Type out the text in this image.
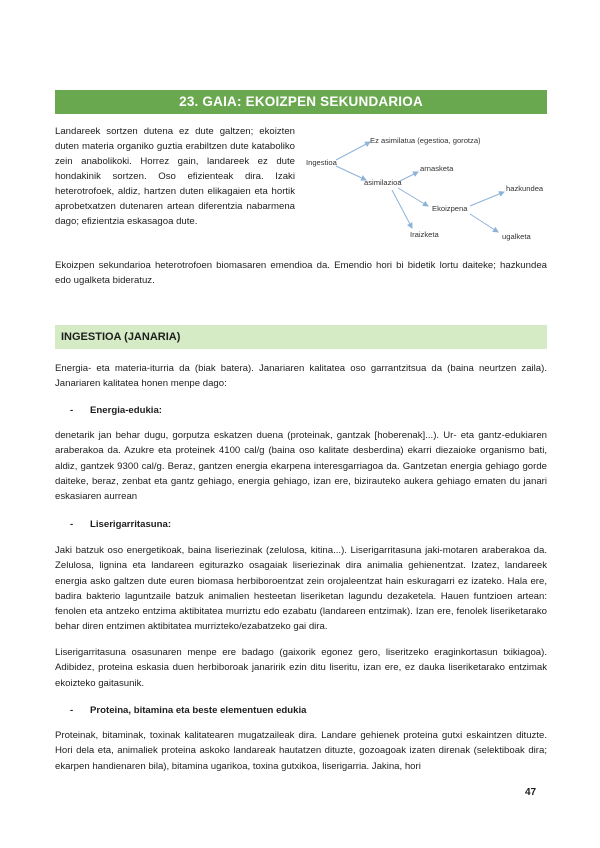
23. GAIA: EKOIZPEN SEKUNDARIOA

Landareek sortzen dutena ez dute galtzen; ekoizten duten materia organiko guztia erabiltzen dute kataboliko zein anabolikoki. Horrez gain, landareek ez dute hondakinik sortzen. Oso efizienteak dira. Izaki heterotrofoek, aldiz, hartzen duten elikagaien eta hortik aprobetxatzen dutenaren artean diferentzia nabarmena dago; efizientzia eskasagoa dute.

Ingestioa
Ez asimilatua (egestioa, gorotza)
asimilazioa
arnasketa
Ekoizpena
hazkundea
Iraizketa	ugalketa

Ekoizpen sekundarioa heterotrofoen biomasaren emendioa da. Emendio hori bi bidetik lortu daiteke; hazkundea edo ugalketa bideratuz.

INGESTIOA (JANARIA)

Energia- eta materia-iturria da (biak batera). Janariaren kalitatea oso garrantzitsua da (baina neurtzen zaila). Janariaren kalitatea honen menpe dago:

- Energia-edukia:

denetarik jan behar dugu, gorputza eskatzen duena (proteinak, gantzak [hoberenak]...). Ur- eta gantz-edukiaren araberakoa da. Azukre eta proteinek 4100 cal/g (baina oso kalitate desberdina) ekarri diezaioke organismo bati, aldiz, gantzek 9300 cal/g. Beraz, gantzen energia ekarpena interesgarriagoa da. Gantzetan energia gehiago gorde daiteke, beraz, zenbat eta gantz gehiago, energia gehiago, izan ere, bizirauteko aukera gehiago ematen du janari eskasiaren aurrean

- Liserigarritasuna:

Jaki batzuk oso energetikoak, baina liseriezinak (zelulosa, kitina...). Liserigarritasuna jaki-motaren araberakoa da. Zelulosa, lignina eta landareen egiturazko osagaiak liseriezinak dira animalia gehienentzat. Izatez, landareek energia asko galtzen dute euren biomasa herbiboroentzat zein orojaleentzat hain eskuragarri ez izateko. Hala ere, badira bakterio laguntzaile batzuk animalien hesteetan liseriketan lagundu dezaketela. Hauen funtzioen artean: fenolen eta antzeko entzima aktibitatea murriztu edo ezabatu (landareen entzimak). Izan ere, fenolek liseriketarako behar diren entzimen aktibitatea murrizteko/ezabatzeko gai dira.

Liserigarritasuna osasunaren menpe ere badago (gaixorik egonez gero, liseritzeko eraginkortasun txikiagoa). Adibidez, proteina eskasia duen herbiboroak janaririk ezin ditu liseritu, izan ere, ez dauka liseriketarako entzimak ekoizteko gaitasunik.

- Proteina, bitamina eta beste elementuen edukia

Proteinak, bitaminak, toxinak kalitatearen mugatzaileak dira. Landare gehienek proteina gutxi eskaintzen dituzte. Hori dela eta, animaliek proteina askoko landareak hautatzen dituzte, gozoagoak izaten direnak (selektiboak dira; ekarpen handienaren bila), bitamina ugarikoa, toxina gutxikoa, liserigarria. Jakina, hori

47
